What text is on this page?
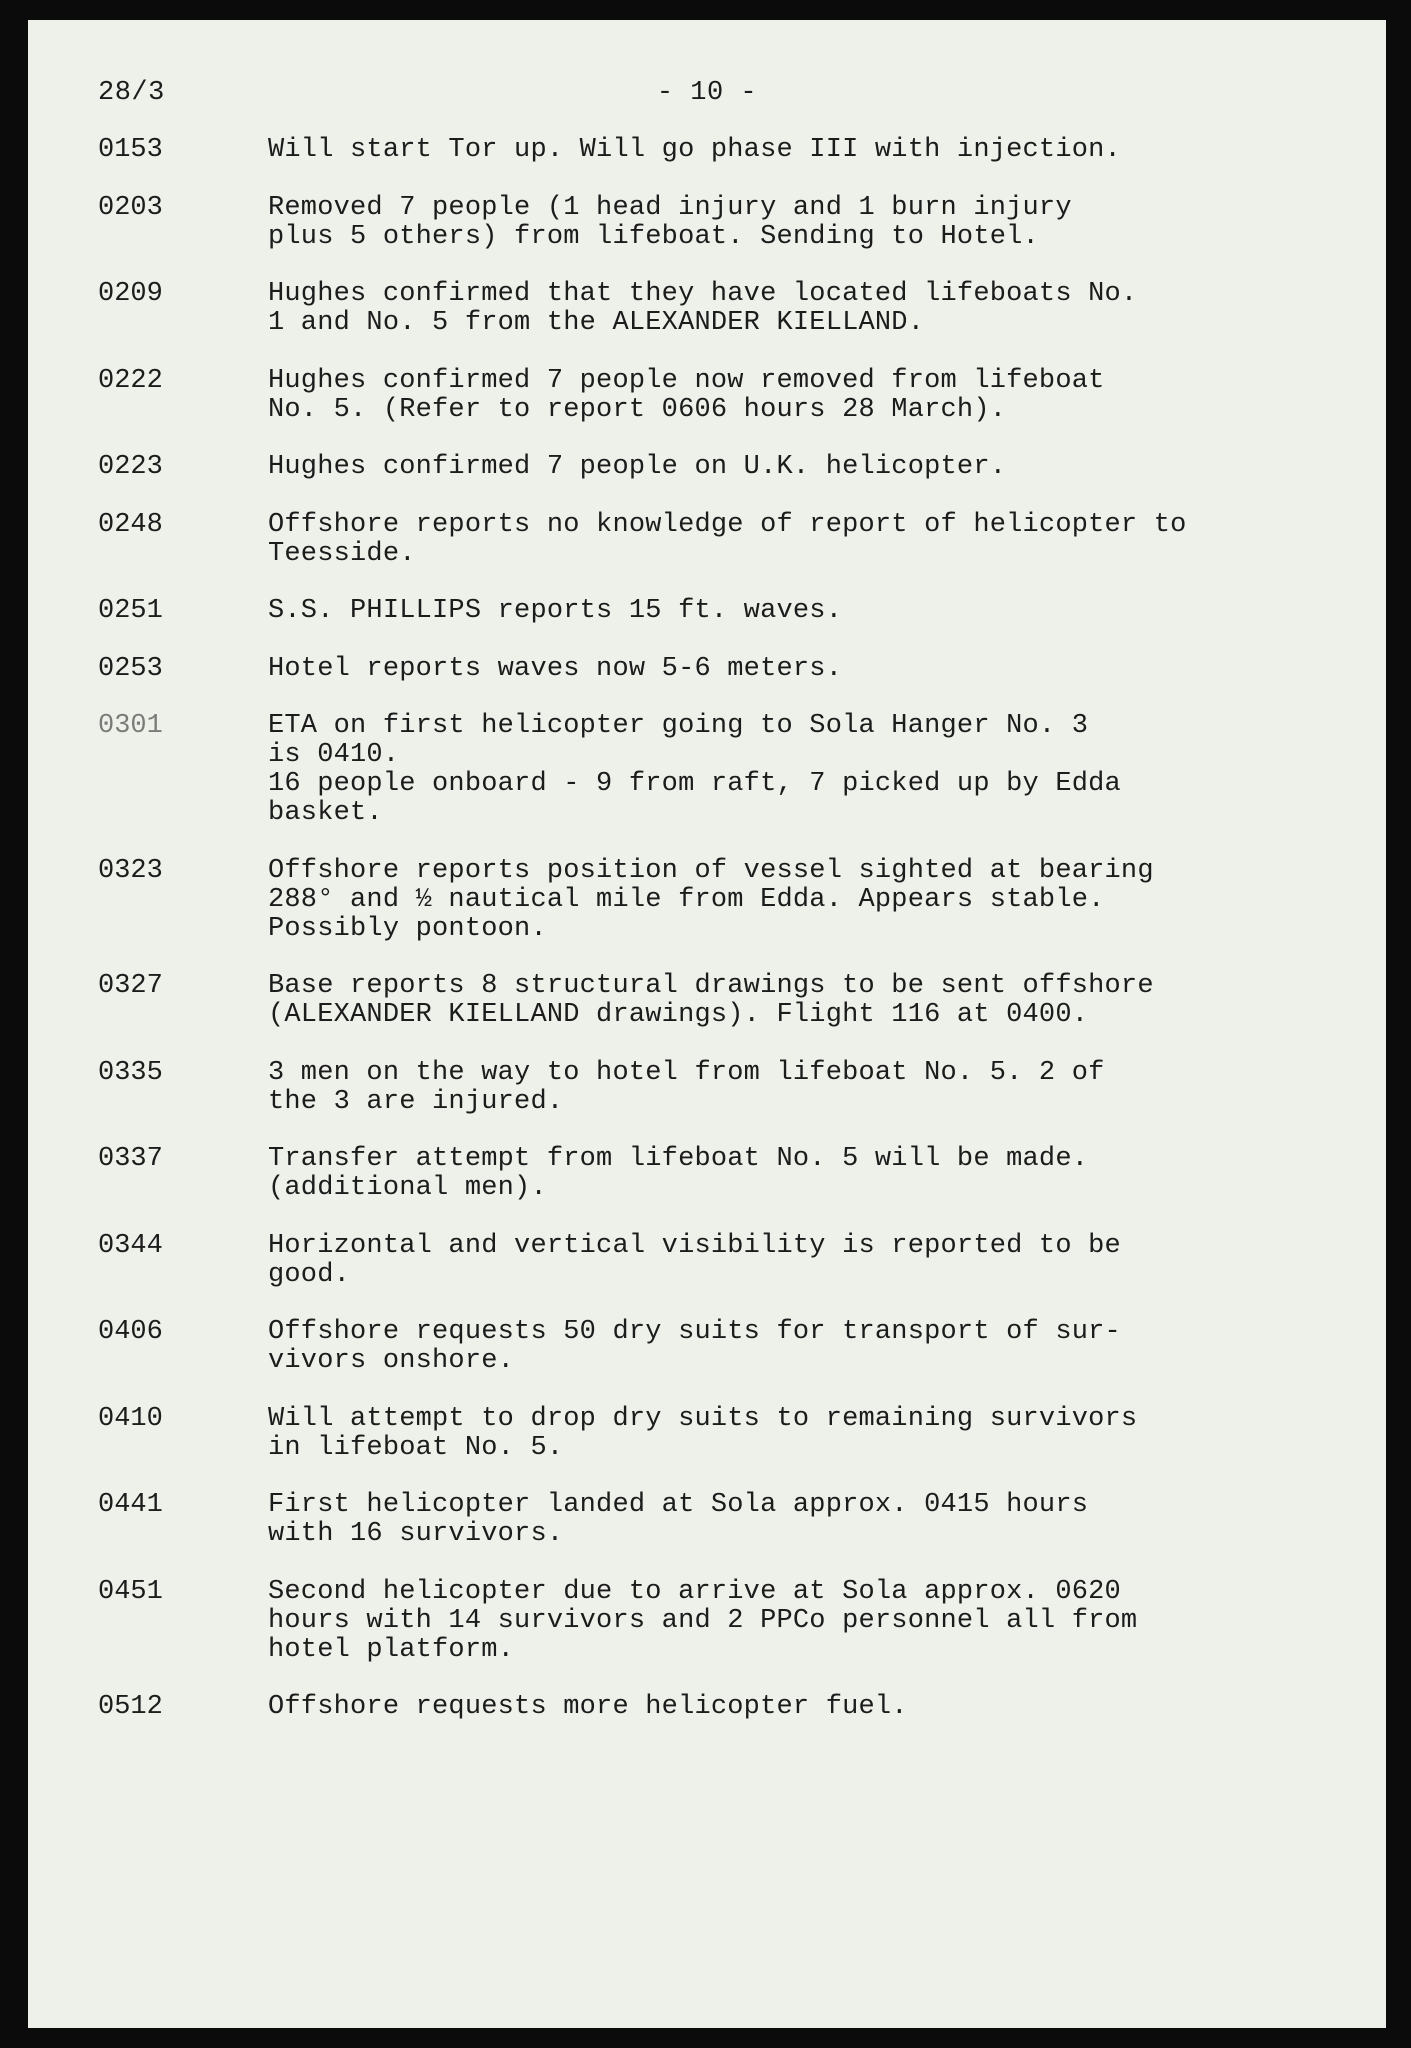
28/3	- 10 -
0153	Will start Tor up. Will go phase III with injection.
0203	Removed 7 people (1 head injury and 1 burn injury
plus 5 others) from lifeboat. Sending to Hotel.
0209	Hughes confirmed that they have located lifeboats No.
1 and No. 5 from the ALEXANDER KIELLAND.
0222	Hughes confirmed 7 people now removed from lifeboat
No. 5. (Refer to report 0606 hours 28 March).
0223	Hughes confirmed 7 people on U.K. helicopter.
0248	Offshore reports no knowledge of report of helicopter to Teesside.
0251	S.S. PHILLIPS reports 15 ft. waves.
0253	Hotel reports waves now 5-6 meters.
0301	ETA on first helicopter going to Sola Hanger No. 3
is 0410.
16 people onboard - 9 from raft, 7 picked up by Edda
basket.
0323	Offshore reports position of vessel sighted at bearing
288° and ½ nautical mile from Edda. Appears stable.
Possibly pontoon.
0327	Base reports 8 structural drawings to be sent offshore
(ALEXANDER KIELLAND drawings). Flight 116 at 0400.
0335	3 men on the way to hotel from lifeboat No. 5. 2 of
the 3 are injured.
0337	Transfer attempt from lifeboat No. 5 will be made.
(additional men).
0344	Horizontal and vertical visibility is reported to be
good.
0406	Offshore requests 50 dry suits for transport of sur-
vivors onshore.
0410	Will attempt to drop dry suits to remaining survivors
in lifeboat No. 5.
0441	First helicopter landed at Sola approx. 0415 hours
with 16 survivors.
0451	Second helicopter due to arrive at Sola approx. 0620
hours with 14 survivors and 2 PPCo personnel all from
hotel platform.
0512	Offshore requests more helicopter fuel.
